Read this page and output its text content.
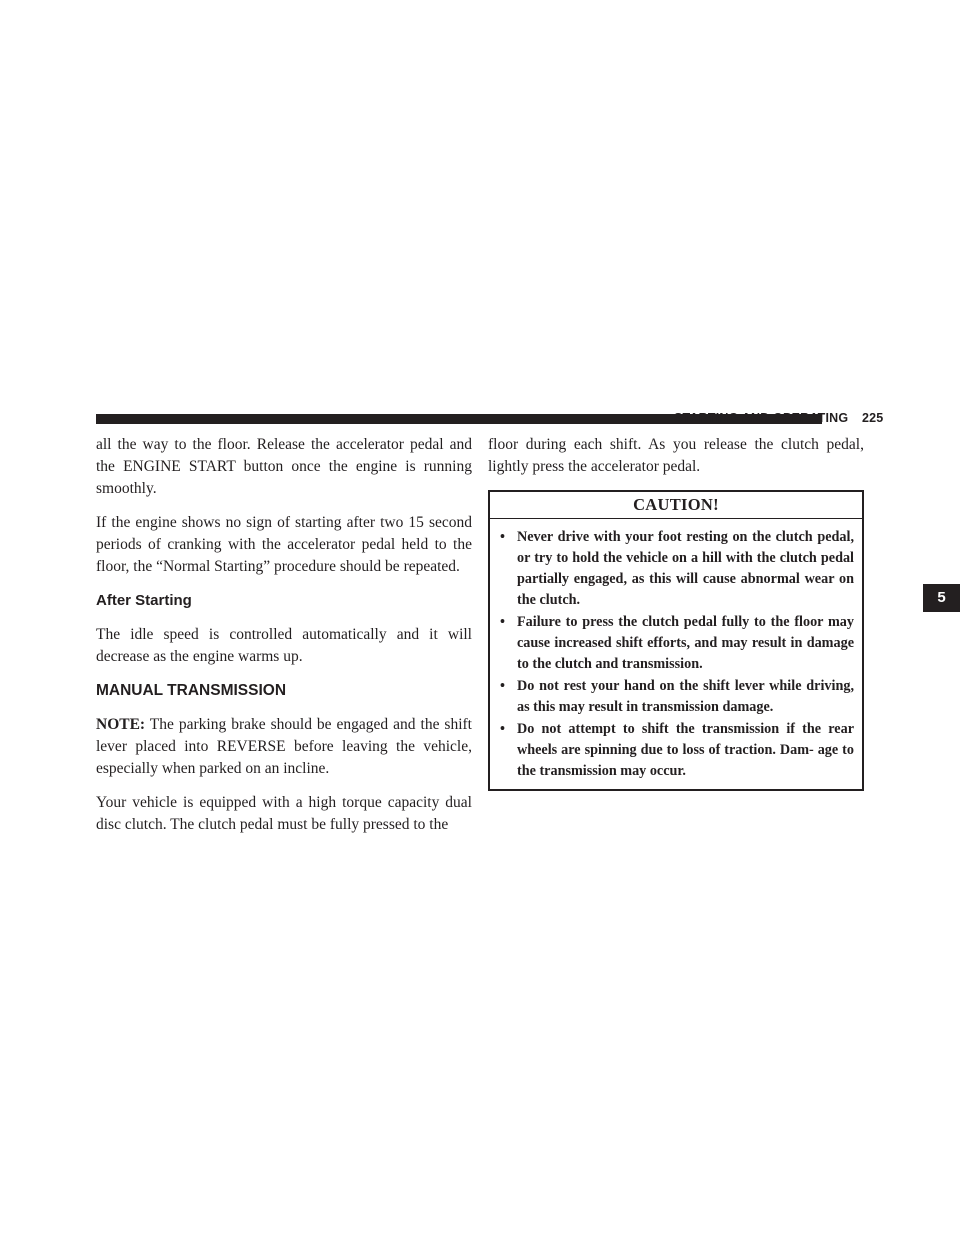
STARTING AND OPERATING 225
5

all the way to the floor. Release the accelerator pedal and the ENGINE START button once the engine is running smoothly.

If the engine shows no sign of starting after two 15 second periods of cranking with the accelerator pedal held to the floor, the “Normal Starting” procedure should be repeated.

After Starting

The idle speed is controlled automatically and it will decrease as the engine warms up.

MANUAL TRANSMISSION

NOTE: The parking brake should be engaged and the shift lever placed into REVERSE before leaving the vehicle, especially when parked on an incline.

Your vehicle is equipped with a high torque capacity dual disc clutch. The clutch pedal must be fully pressed to the

floor during each shift. As you release the clutch pedal, lightly press the accelerator pedal.

CAUTION!
• Never drive with your foot resting on the clutch pedal, or try to hold the vehicle on a hill with the clutch pedal partially engaged, as this will cause abnormal wear on the clutch.
• Failure to press the clutch pedal fully to the floor may cause increased shift efforts, and may result in damage to the clutch and transmission.
• Do not rest your hand on the shift lever while driving, as this may result in transmission damage.
• Do not attempt to shift the transmission if the rear wheels are spinning due to loss of traction. Dam- age to the transmission may occur.
